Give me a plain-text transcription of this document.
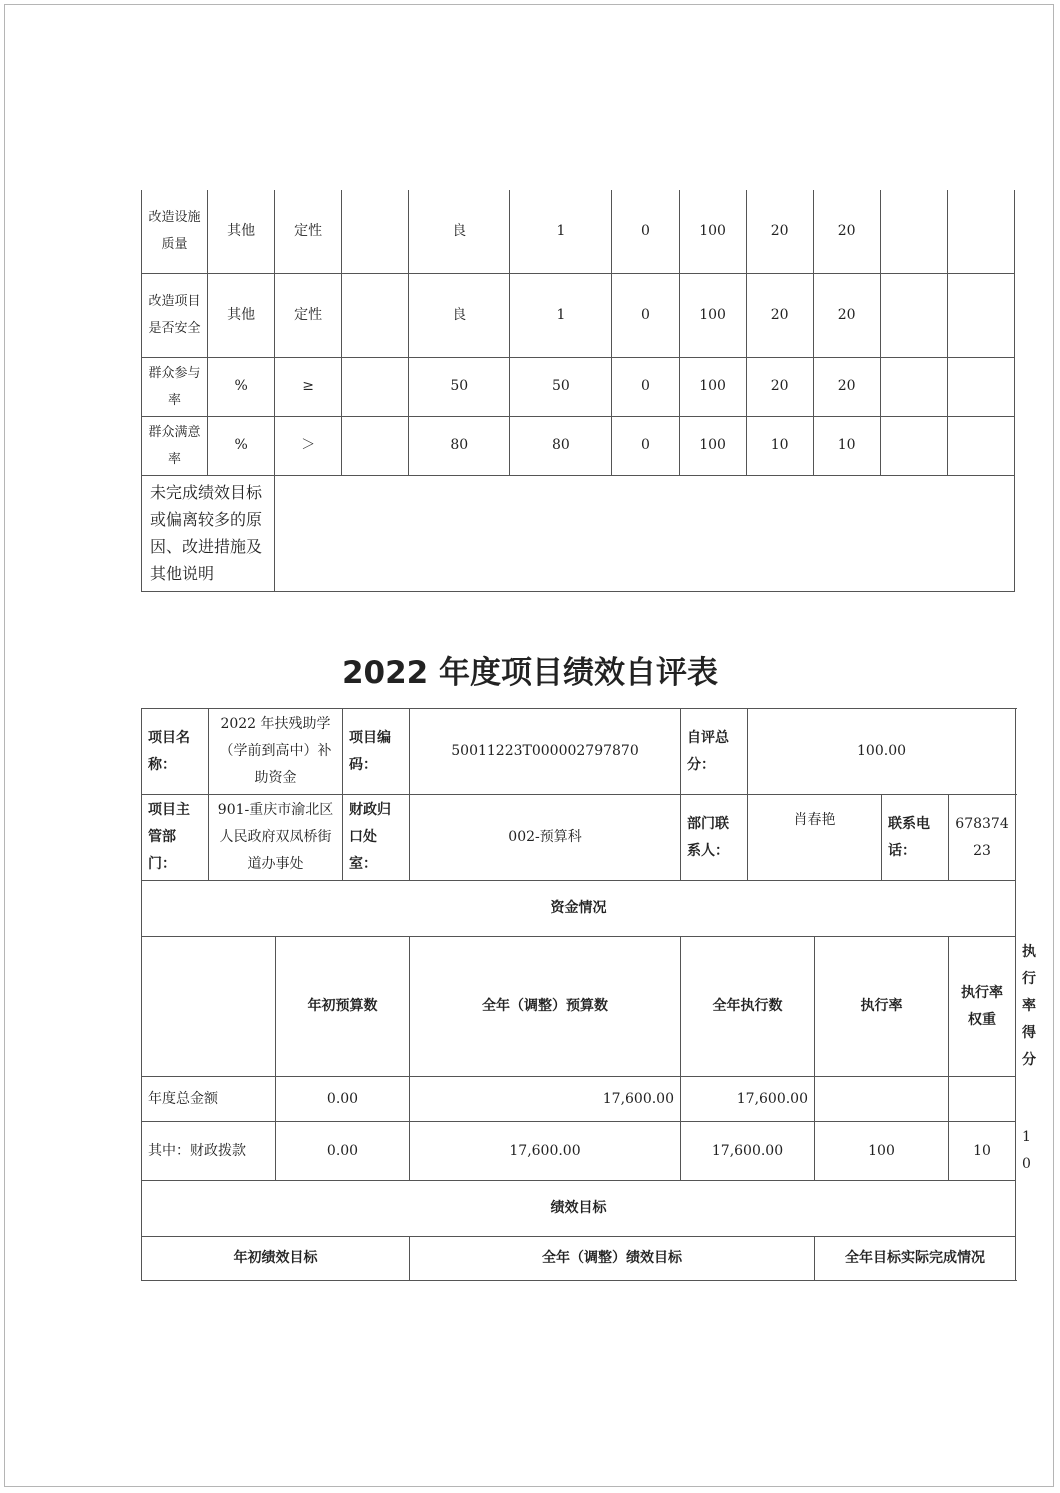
改造设施质量	其他	定性		良	1	0	100	20	20		
改造项目是否安全	其他	定性		良	1	0	100	20	20		
群众参与率	%	≥		50	50	0	100	20	20		
群众满意率	%	＞		80	80	0	100	10	10		
未完成绩效目标或偏离较多的原因、改进措施及其他说明											
2022 年度项目绩效自评表
项目名称：	2022 年扶残助学（学前到高中）补助资金		项目编码：	50011223T000002797870	自评总分：	100.00				
项目主管部门：	901-重庆市渝北区人民政府双凤桥街道办事处		财政归口处室：	002-预算科	部门联系人：	肖春艳		联系电话：	67837423	
资金情况										
		年初预算数		全年（调整）预算数	全年执行数		执行率		执行率权重	
年度总金额		0.00		17,600.00	17,600.00					
其中：财政拨款		0.00		17,600.00	17,600.00		100		10	
绩效目标										
年初绩效目标				全年（调整）绩效目标			全年目标实际完成情况			
